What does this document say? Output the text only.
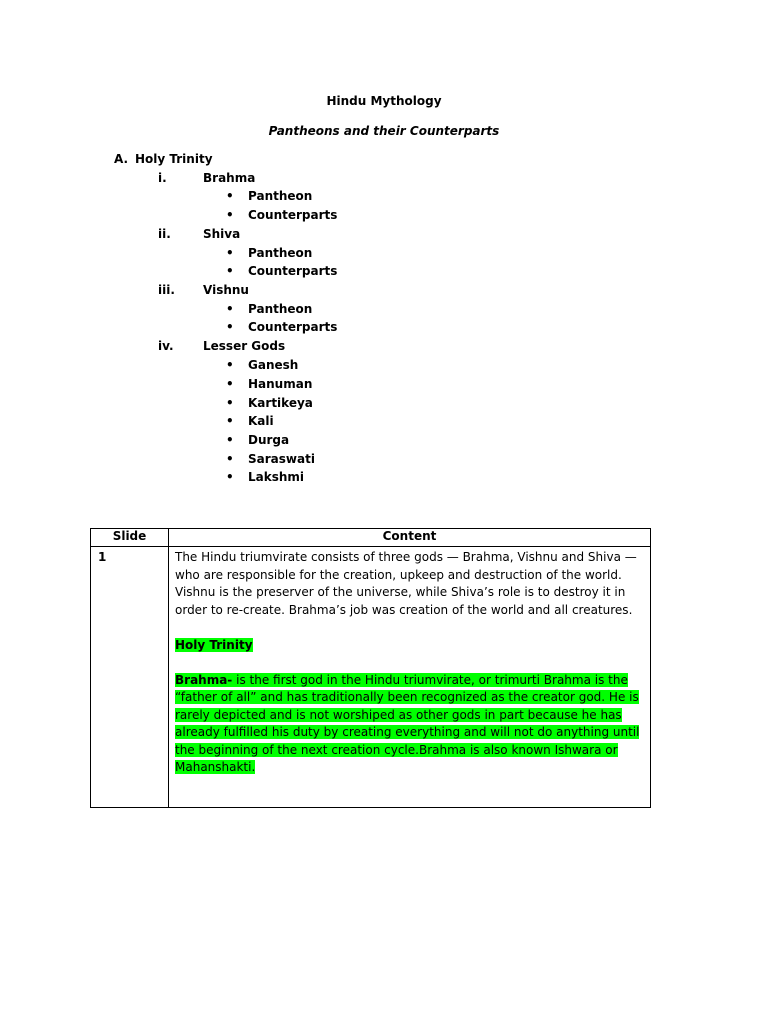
Hindu Mythology
Pantheons and their Counterparts
A. Holy Trinity
i.	Brahma
• Pantheon
• Counterparts
ii.	Shiva
• Pantheon
• Counterparts
iii. Vishnu
• Pantheon
• Counterparts
iv. Lesser Gods
• Ganesh
• Hanuman
• Kartikeya
• Kali
• Durga
• Saraswati
• Lakshmi
Slide	Content
1	The Hindu triumvirate consists of three gods — Brahma, Vishnu and Shiva — who are responsible for the creation, upkeep and destruction of the world. Vishnu is the preserver of the universe, while Shiva’s role is to destroy it in order to re-create. Brahma’s job was creation of the world and all creatures.
Holy Trinity
Brahma- is the first god in the Hindu triumvirate, or trimurti Brahma is the “father of all” and has traditionally been recognized as the creator god. He is rarely depicted and is not worshiped as other gods in part because he has already fulfilled his duty by creating everything and will not do anything until the beginning of the next creation cycle.Brahma is also known Ishwara or Mahanshakti.
